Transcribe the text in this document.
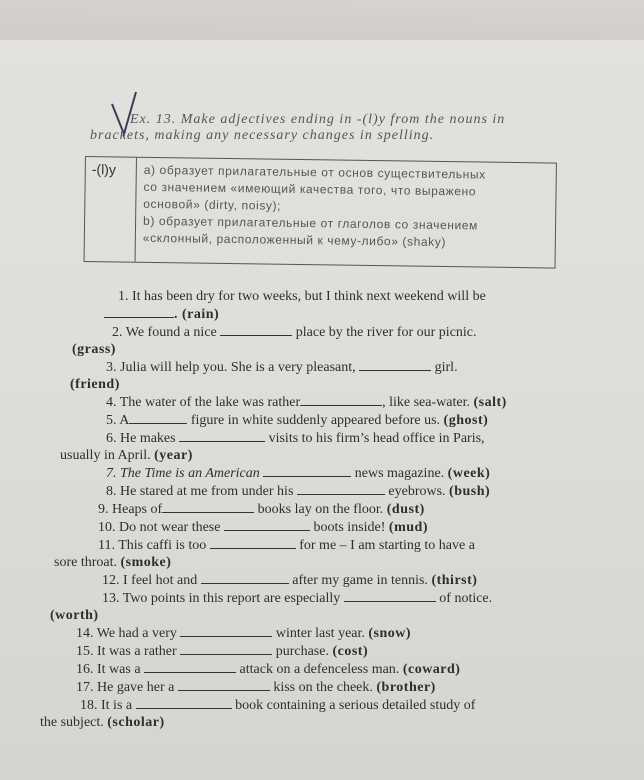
Ex. 13. Make adjectives ending in -(l)y from the nouns in
brackets, making any necessary changes in spelling.
-(l)y а) образует прилагательные от основ существительных
со значением «имеющий качества того, что выражено
основой» (dirty, noisy);
b) образует прилагательные от глаголов со значением
«склонный, расположенный к чему-либо» (shaky)
1. It has been dry for two weeks, but I think next weekend will be
. (rain)
2. We found a nice	place by the river for our picnic.
(grass)
3. Julia will help you. She is a very pleasant,	girl.
(friend)
4. The water of the lake was rather	, like sea-water. (salt)
5. A	figure in white suddenly appeared before us. (ghost)
6. He makes	visits to his firm’s head office in Paris,
usually in April. (year)
7. The Time is an American	news magazine. (week)
8. He stared at me from under his	eyebrows. (bush)
9. Heaps of	books lay on the floor. (dust)
10. Do not wear these	boots inside! (mud)
11. This caffi is too	for me – I am starting to have a
sore throat. (smoke)
12. I feel hot and	after my game in tennis. (thirst)
13. Two points in this report are especially	of notice.
(worth)
14. We had a very	winter last year. (snow)
15. It was a rather	purchase. (cost)
16. It was a	attack on a defenceless man. (coward)
17. He gave her a	kiss on the cheek. (brother)
18. It is a	book containing a serious detailed study of
the subject. (scholar)
